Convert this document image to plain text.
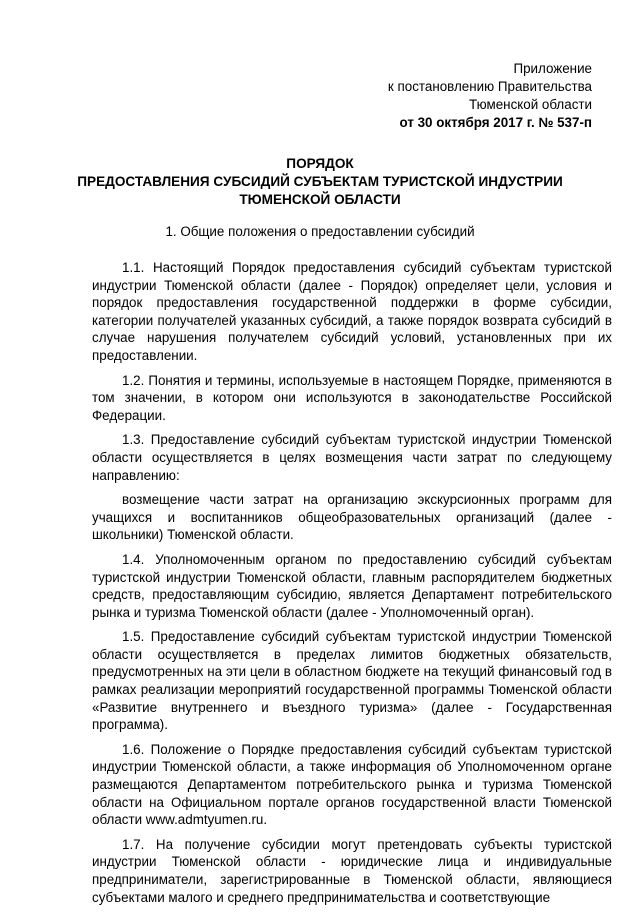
Приложение
к постановлению Правительства
Тюменской области
от 30 октября 2017 г. № 537-п
ПОРЯДОК
ПРЕДОСТАВЛЕНИЯ СУБСИДИЙ СУБЪЕКТАМ ТУРИСТСКОЙ ИНДУСТРИИ
ТЮМЕНСКОЙ ОБЛАСТИ
1. Общие положения о предоставлении субсидий

1.1. Настоящий Порядок предоставления субсидий субъектам туристской индустрии Тюменской области (далее - Порядок) определяет цели, условия и порядок предоставления государственной поддержки в форме субсидии, категории получателей указанных субсидий, а также порядок возврата субсидий в случае нарушения получателем субсидий условий, установленных при их предоставлении.

1.2. Понятия и термины, используемые в настоящем Порядке, применяются в том значении, в котором они используются в законодательстве Российской Федерации.

1.3. Предоставление субсидий субъектам туристской индустрии Тюменской области осуществляется в целях возмещения части затрат по следующему направлению:

возмещение части затрат на организацию экскурсионных программ для учащихся и воспитанников общеобразовательных организаций (далее - школьники) Тюменской области.

1.4. Уполномоченным органом по предоставлению субсидий субъектам туристской индустрии Тюменской области, главным распорядителем бюджетных средств, предоставляющим субсидию, является Департамент потребительского рынка и туризма Тюменской области (далее - Уполномоченный орган).

1.5. Предоставление субсидий субъектам туристской индустрии Тюменской области осуществляется в пределах лимитов бюджетных обязательств, предусмотренных на эти цели в областном бюджете на текущий финансовый год в рамках реализации мероприятий государственной программы Тюменской области «Развитие внутреннего и въездного туризма» (далее - Государственная программа).

1.6. Положение о Порядке предоставления субсидий субъектам туристской индустрии Тюменской области, а также информация об Уполномоченном органе размещаются Департаментом потребительского рынка и туризма Тюменской области на Официальном портале органов государственной власти Тюменской области www.admtyumen.ru.

1.7. На получение субсидии могут претендовать субъекты туристской индустрии Тюменской области - юридические лица и индивидуальные предприниматели, зарегистрированные в Тюменской области, являющиеся субъектами малого и среднего предпринимательства и соответствующие
